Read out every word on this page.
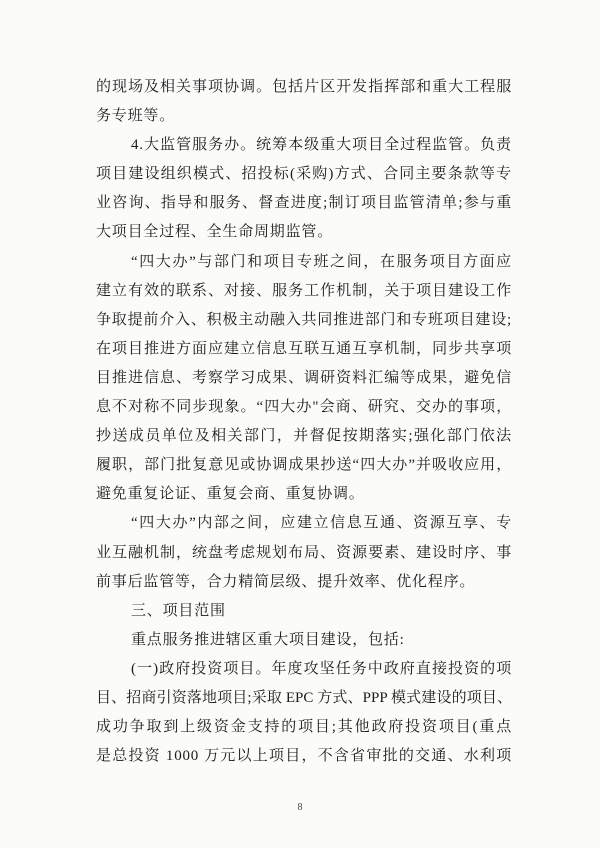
的现场及相关事项协调。包括片区开发指挥部和重大工程服
务专班等。
4.大监管服务办。统筹本级重大项目全过程监管。负责
项目建设组织模式、招投标(采购)方式、合同主要条款等专
业咨询、指导和服务、督查进度;制订项目监管清单;参与重
大项目全过程、全生命周期监管。
“四大办”与部门和项目专班之间，在服务项目方面应
建立有效的联系、对接、服务工作机制，关于项目建设工作
争取提前介入、积极主动融入共同推进部门和专班项目建设;
在项目推进方面应建立信息互联互通互享机制，同步共享项
目推进信息、考察学习成果、调研资料汇编等成果，避免信
息不对称不同步现象。“四大办"会商、研究、交办的事项，
抄送成员单位及相关部门，并督促按期落实;强化部门依法
履职，部门批复意见或协调成果抄送“四大办”并吸收应用，
避免重复论证、重复会商、重复协调。
“四大办”内部之间，应建立信息互通、资源互享、专
业互融机制，统盘考虑规划布局、资源要素、建设时序、事
前事后监管等，合力精简层级、提升效率、优化程序。
三、项目范围
重点服务推进辖区重大项目建设，包括:
(一)政府投资项目。年度攻坚任务中政府直接投资的项
目、招商引资落地项目;采取 EPC 方式、PPP 模式建设的项目、
成功争取到上级资金支持的项目;其他政府投资项目(重点
是总投资 1000 万元以上项目，不含省审批的交通、水利项
8
